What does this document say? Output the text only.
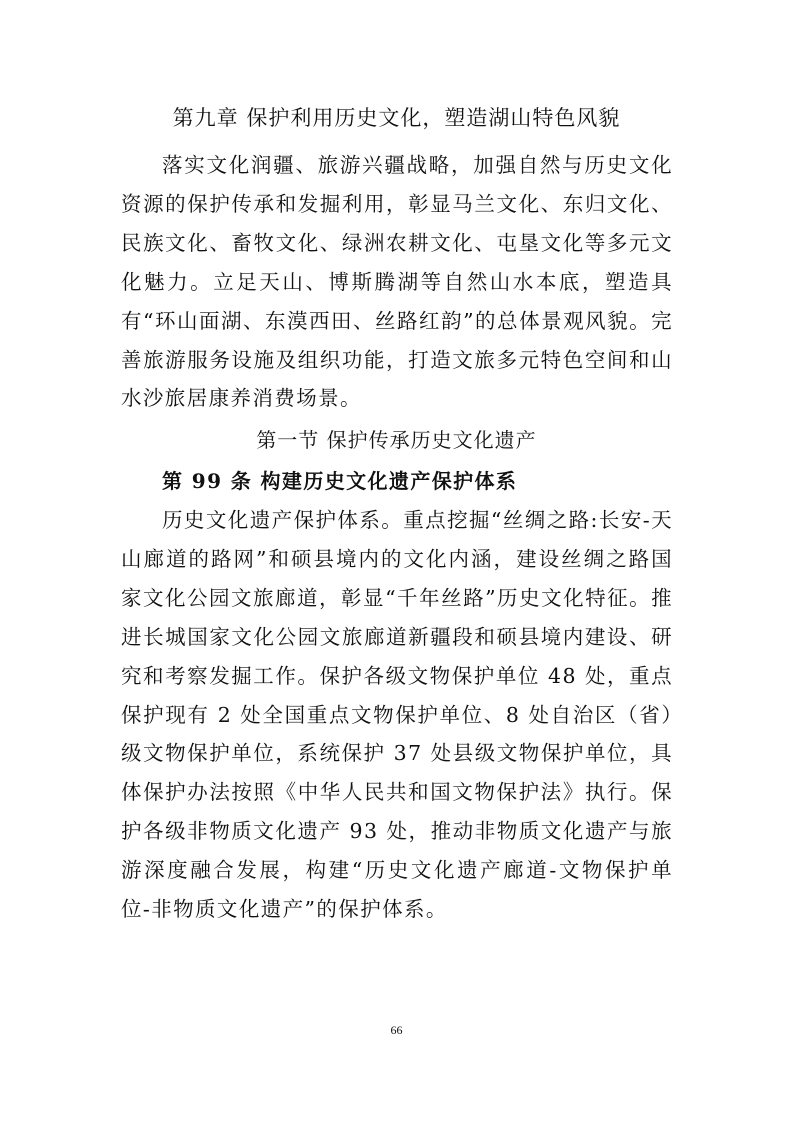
第九章 保护利用历史文化，塑造湖山特色风貌

落实文化润疆、旅游兴疆战略，加强自然与历史文化资源的保护传承和发掘利用，彰显马兰文化、东归文化、民族文化、畜牧文化、绿洲农耕文化、屯垦文化等多元文化魅力。立足天山、博斯腾湖等自然山水本底，塑造具有“环山面湖、东漠西田、丝路红韵”的总体景观风貌。完善旅游服务设施及组织功能，打造文旅多元特色空间和山水沙旅居康养消费场景。

第一节 保护传承历史文化遗产
第 99 条 构建历史文化遗产保护体系

历史文化遗产保护体系。重点挖掘“丝绸之路:长安-天山廊道的路网”和硕县境内的文化内涵，建设丝绸之路国家文化公园文旅廊道，彰显“千年丝路”历史文化特征。推进长城国家文化公园文旅廊道新疆段和硕县境内建设、研究和考察发掘工作。保护各级文物保护单位 48 处，重点保护现有 2 处全国重点文物保护单位、8 处自治区（省）级文物保护单位，系统保护 37 处县级文物保护单位，具体保护办法按照《中华人民共和国文物保护法》执行。保护各级非物质文化遗产 93 处，推动非物质文化遗产与旅游深度融合发展，构建“历史文化遗产廊道-文物保护单位-非物质文化遗产”的保护体系。

66
